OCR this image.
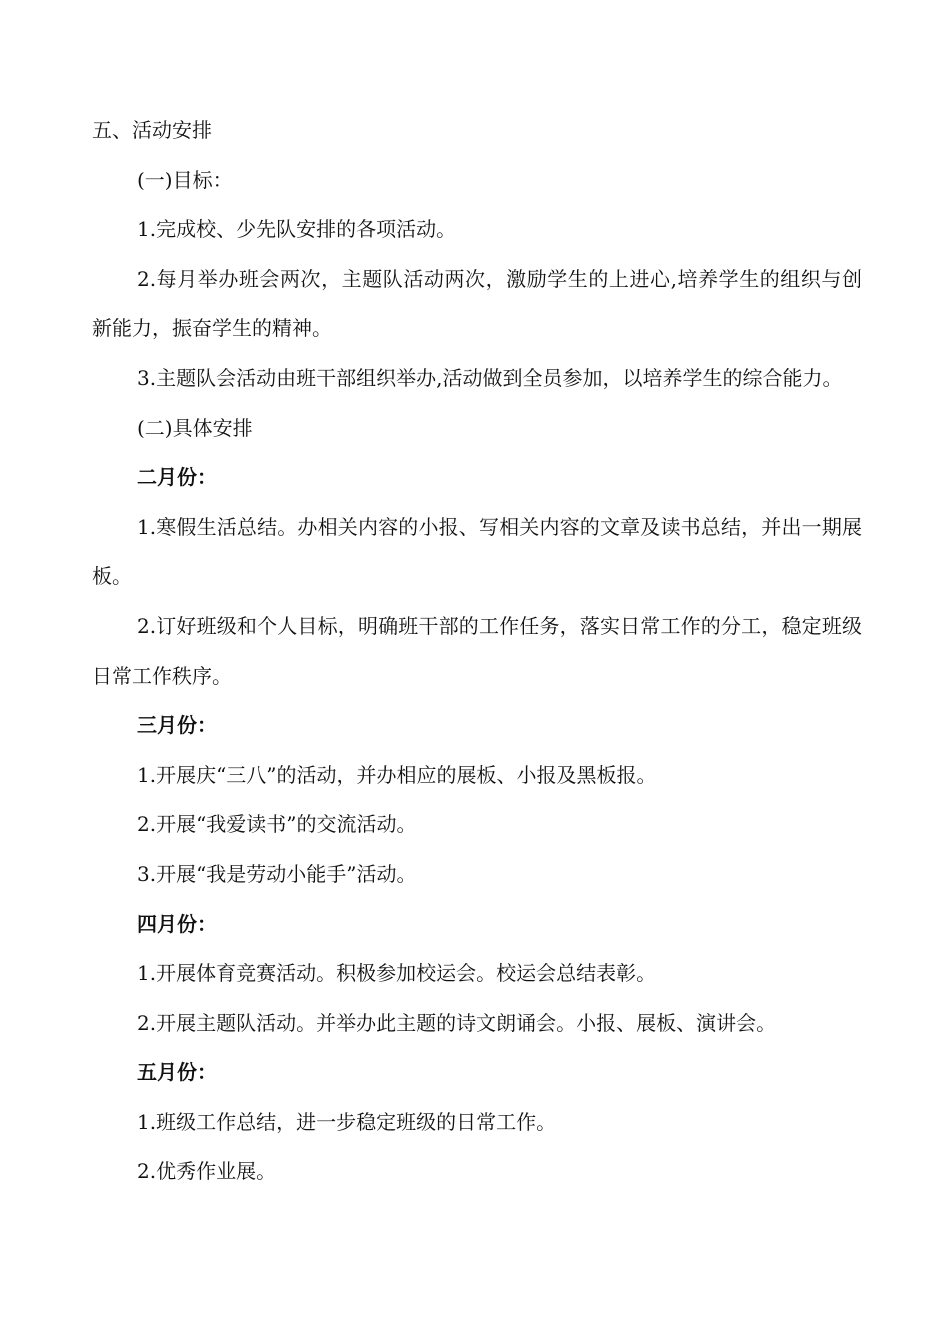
五、活动安排

(一)目标：

1.完成校、少先队安排的各项活动。

2.每月举办班会两次，主题队活动两次，激励学生的上进心,培养学生的组织与创新能力，振奋学生的精神。

3.主题队会活动由班干部组织举办,活动做到全员参加，以培养学生的综合能力。

(二)具体安排

二月份：

1.寒假生活总结。办相关内容的小报、写相关内容的文章及读书总结，并出一期展板。

2.订好班级和个人目标，明确班干部的工作任务，落实日常工作的分工，稳定班级日常工作秩序。

三月份：

1.开展庆“三八”的活动，并办相应的展板、小报及黑板报。

2.开展“我爱读书”的交流活动。

3.开展“我是劳动小能手”活动。

四月份：

1.开展体育竞赛活动。积极参加校运会。校运会总结表彰。

2.开展主题队活动。并举办此主题的诗文朗诵会。小报、展板、演讲会。

五月份：

1.班级工作总结，进一步稳定班级的日常工作。

2.优秀作业展。
